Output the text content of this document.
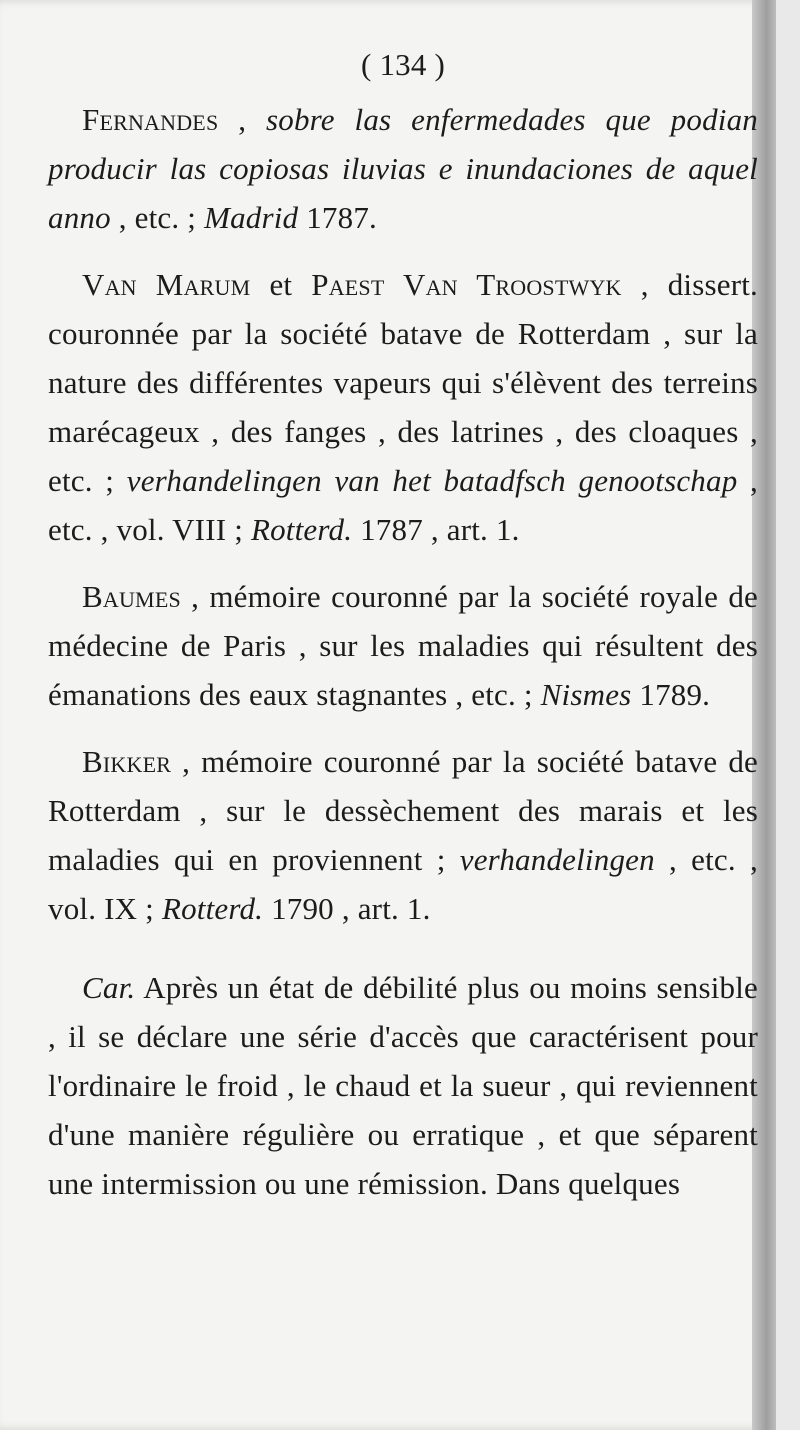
( 134 )

Fernandes , sobre las enfermedades que podian producir las copiosas iluvias e inundaciones de aquel anno , etc. ; Madrid 1787.

Van Marum et Paest Van Troostwyk , dissert. couronnée par la société batave de Rotterdam , sur la nature des différentes vapeurs qui s'élèvent des terreins marécageux , des fanges , des latrines , des cloaques , etc. ; verhandelingen van het batadfsch genootschap , etc. , vol. VIII ; Rotterd. 1787 , art. 1.

Baumes , mémoire couronné par la société royale de médecine de Paris , sur les maladies qui résultent des émanations des eaux stagnantes , etc. ; Nismes 1789.

Bikker , mémoire couronné par la société batave de Rotterdam , sur le dessèchement des marais et les maladies qui en proviennent ; verhandelingen , etc. , vol. IX ; Rotterd. 1790 , art. 1.

Car. Après un état de débilité plus ou moins sensible , il se déclare une série d'accès que caractérisent pour l'ordinaire le froid , le chaud et la sueur , qui reviennent d'une manière régulière ou erratique , et que séparent une intermission ou une rémission. Dans quelques
